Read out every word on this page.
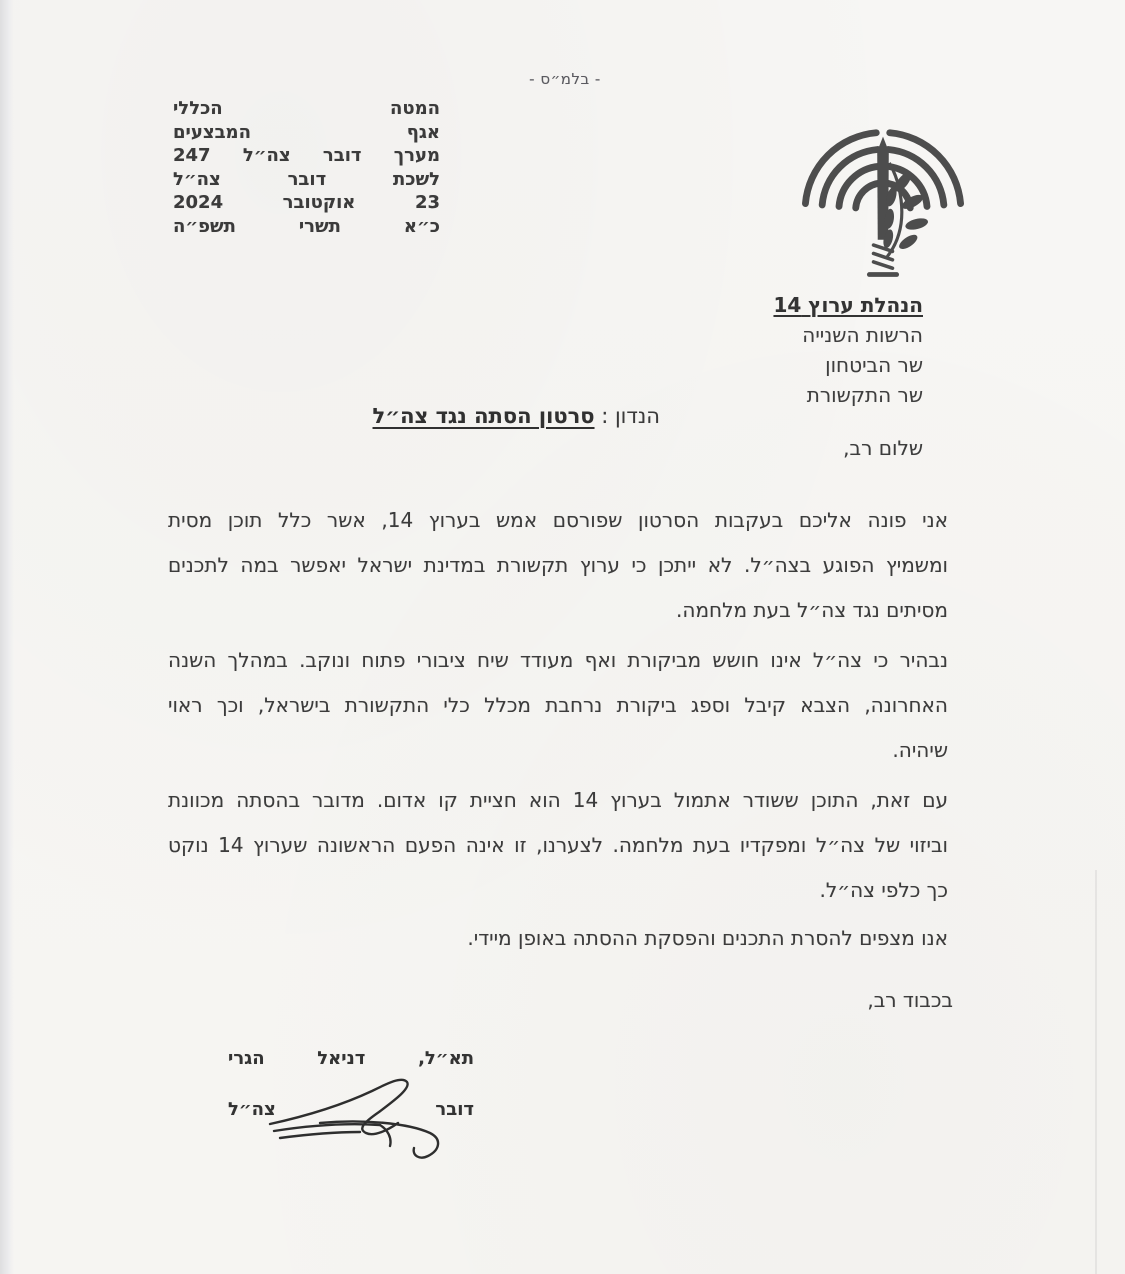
- בלמ״ס -
המטה
הכללי
אגף
המבצעים
מערך
דובר
צה״ל
247
לשכת
דובר
צה״ל
23
אוקטובר
2024
כ״א
תשרי
תשפ״ה
הנהלת ערוץ 14
הרשות השנייה
שר הביטחון
שר התקשורת
הנדון : סרטון הסתה נגד צה״ל
שלום רב,
אני פונה אליכם בעקבות הסרטון שפורסם אמש בערוץ 14, אשר כלל תוכן מסית
ומשמיץ הפוגע בצה״ל. לא ייתכן כי ערוץ תקשורת במדינת ישראל יאפשר במה לתכנים
מסיתים נגד צה״ל בעת מלחמה.
נבהיר כי צה״ל אינו חושש מביקורת ואף מעודד שיח ציבורי פתוח ונוקב. במהלך השנה
האחרונה, הצבא קיבל וספג ביקורת נרחבת מכלל כלי התקשורת בישראל, וכך ראוי
שיהיה.
עם זאת, התוכן ששודר אתמול בערוץ 14 הוא חציית קו אדום. מדובר בהסתה מכוונת
וביזוי של צה״ל ומפקדיו בעת מלחמה. לצערנו, זו אינה הפעם הראשונה שערוץ 14 נוקט
כך כלפי צה״ל.
אנו מצפים להסרת התכנים והפסקת ההסתה באופן מיידי.
בכבוד רב,
תא״ל,
דניאל
הגרי
דובר
צה״ל
